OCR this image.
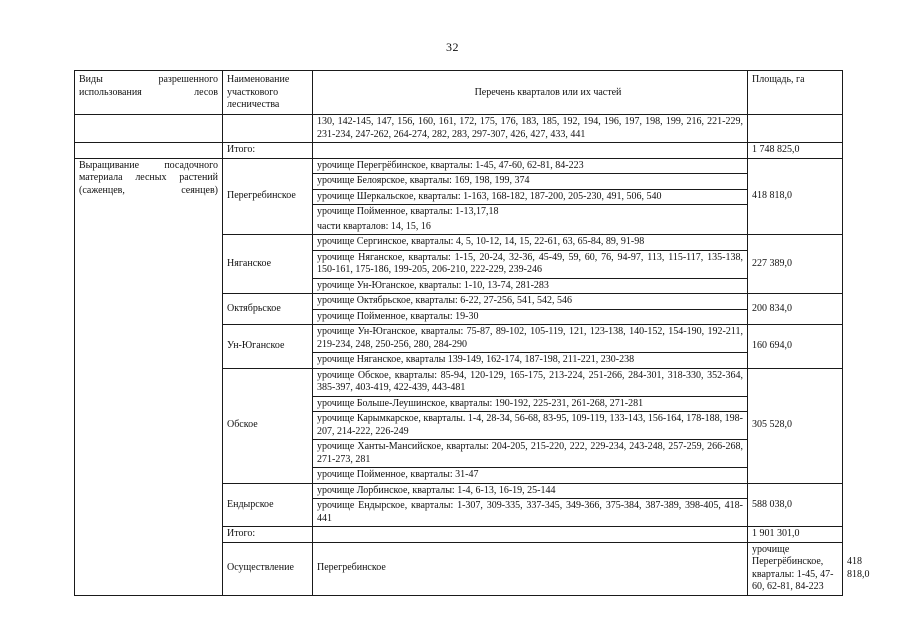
32
Виды разрешенного использования лесов	Наименование участкового лесничества	Перечень кварталов или их частей	Площадь, га	
		130, 142-145, 147, 156, 160, 161, 172, 175, 176, 183, 185, 192, 194, 196, 197, 198, 199, 216, 221-229, 231-234, 247-262, 264-274, 282, 283, 297-307, 426, 427, 433, 441		
	Итого:		1 748 825,0	
Выращивание посадочного материала лесных растений (саженцев, сеянцев)	Перегребинское	урочище Перегрёбинское, кварталы: 1-45, 47-60, 62-81, 84-223	418 818,0	
		урочище Белоярское, кварталы: 169, 198, 199, 374		
		урочище Шеркальское, кварталы: 1-163, 168-182, 187-200, 205-230, 491, 506, 540		
		урочище Пойменное, кварталы: 1-13,17,18		
		части кварталов: 14, 15, 16		
	Няганское	урочище Сергинское, кварталы: 4, 5, 10-12, 14, 15, 22-61, 63, 65-84, 89, 91-98	227 389,0	
		урочище Няганское, кварталы: 1-15, 20-24, 32-36, 45-49, 59, 60, 76, 94-97, 113, 115-117, 135-138, 150-161, 175-186, 199-205, 206-210, 222-229, 239-246		
		урочище Ун-Юганское, кварталы: 1-10, 13-74, 281-283		
	Октябрьское	урочище Октябрьское, кварталы: 6-22, 27-256, 541, 542, 546	200 834,0	
		урочище Пойменное, кварталы: 19-30		
	Ун-Юганское	урочище Ун-Юганское, кварталы: 75-87, 89-102, 105-119, 121, 123-138, 140-152, 154-190, 192-211, 219-234, 248, 250-256, 280, 284-290	160 694,0	
		урочище Няганское, кварталы 139-149, 162-174, 187-198, 211-221, 230-238		
	Обское	урочище Обское, кварталы: 85-94, 120-129, 165-175, 213-224, 251-266, 284-301, 318-330, 352-364, 385-397, 403-419, 422-439, 443-481	305 528,0	
		урочище Больше-Леушинское, кварталы: 190-192, 225-231, 261-268, 271-281		
		урочище Карымкарское, кварталы. 1-4, 28-34, 56-68, 83-95, 109-119, 133-143, 156-164, 178-188, 198-207, 214-222, 226-249		
		урочище Ханты-Мансийское, кварталы: 204-205, 215-220, 222, 229-234, 243-248, 257-259, 266-268, 271-273, 281		
		урочище Пойменное, кварталы: 31-47		
	Ендырское	урочище Лорбинское, кварталы: 1-4, 6-13, 16-19, 25-144	588 038,0	
		урочище Ендырское, кварталы: 1-307, 309-335, 337-345, 349-366, 375-384, 387-389, 398-405, 418-441		
	Итого:		1 901 301,0	
	Осуществление	Перегребинское	урочище Перегрёбинское, кварталы: 1-45, 47-60, 62-81, 84-223	418 818,0
